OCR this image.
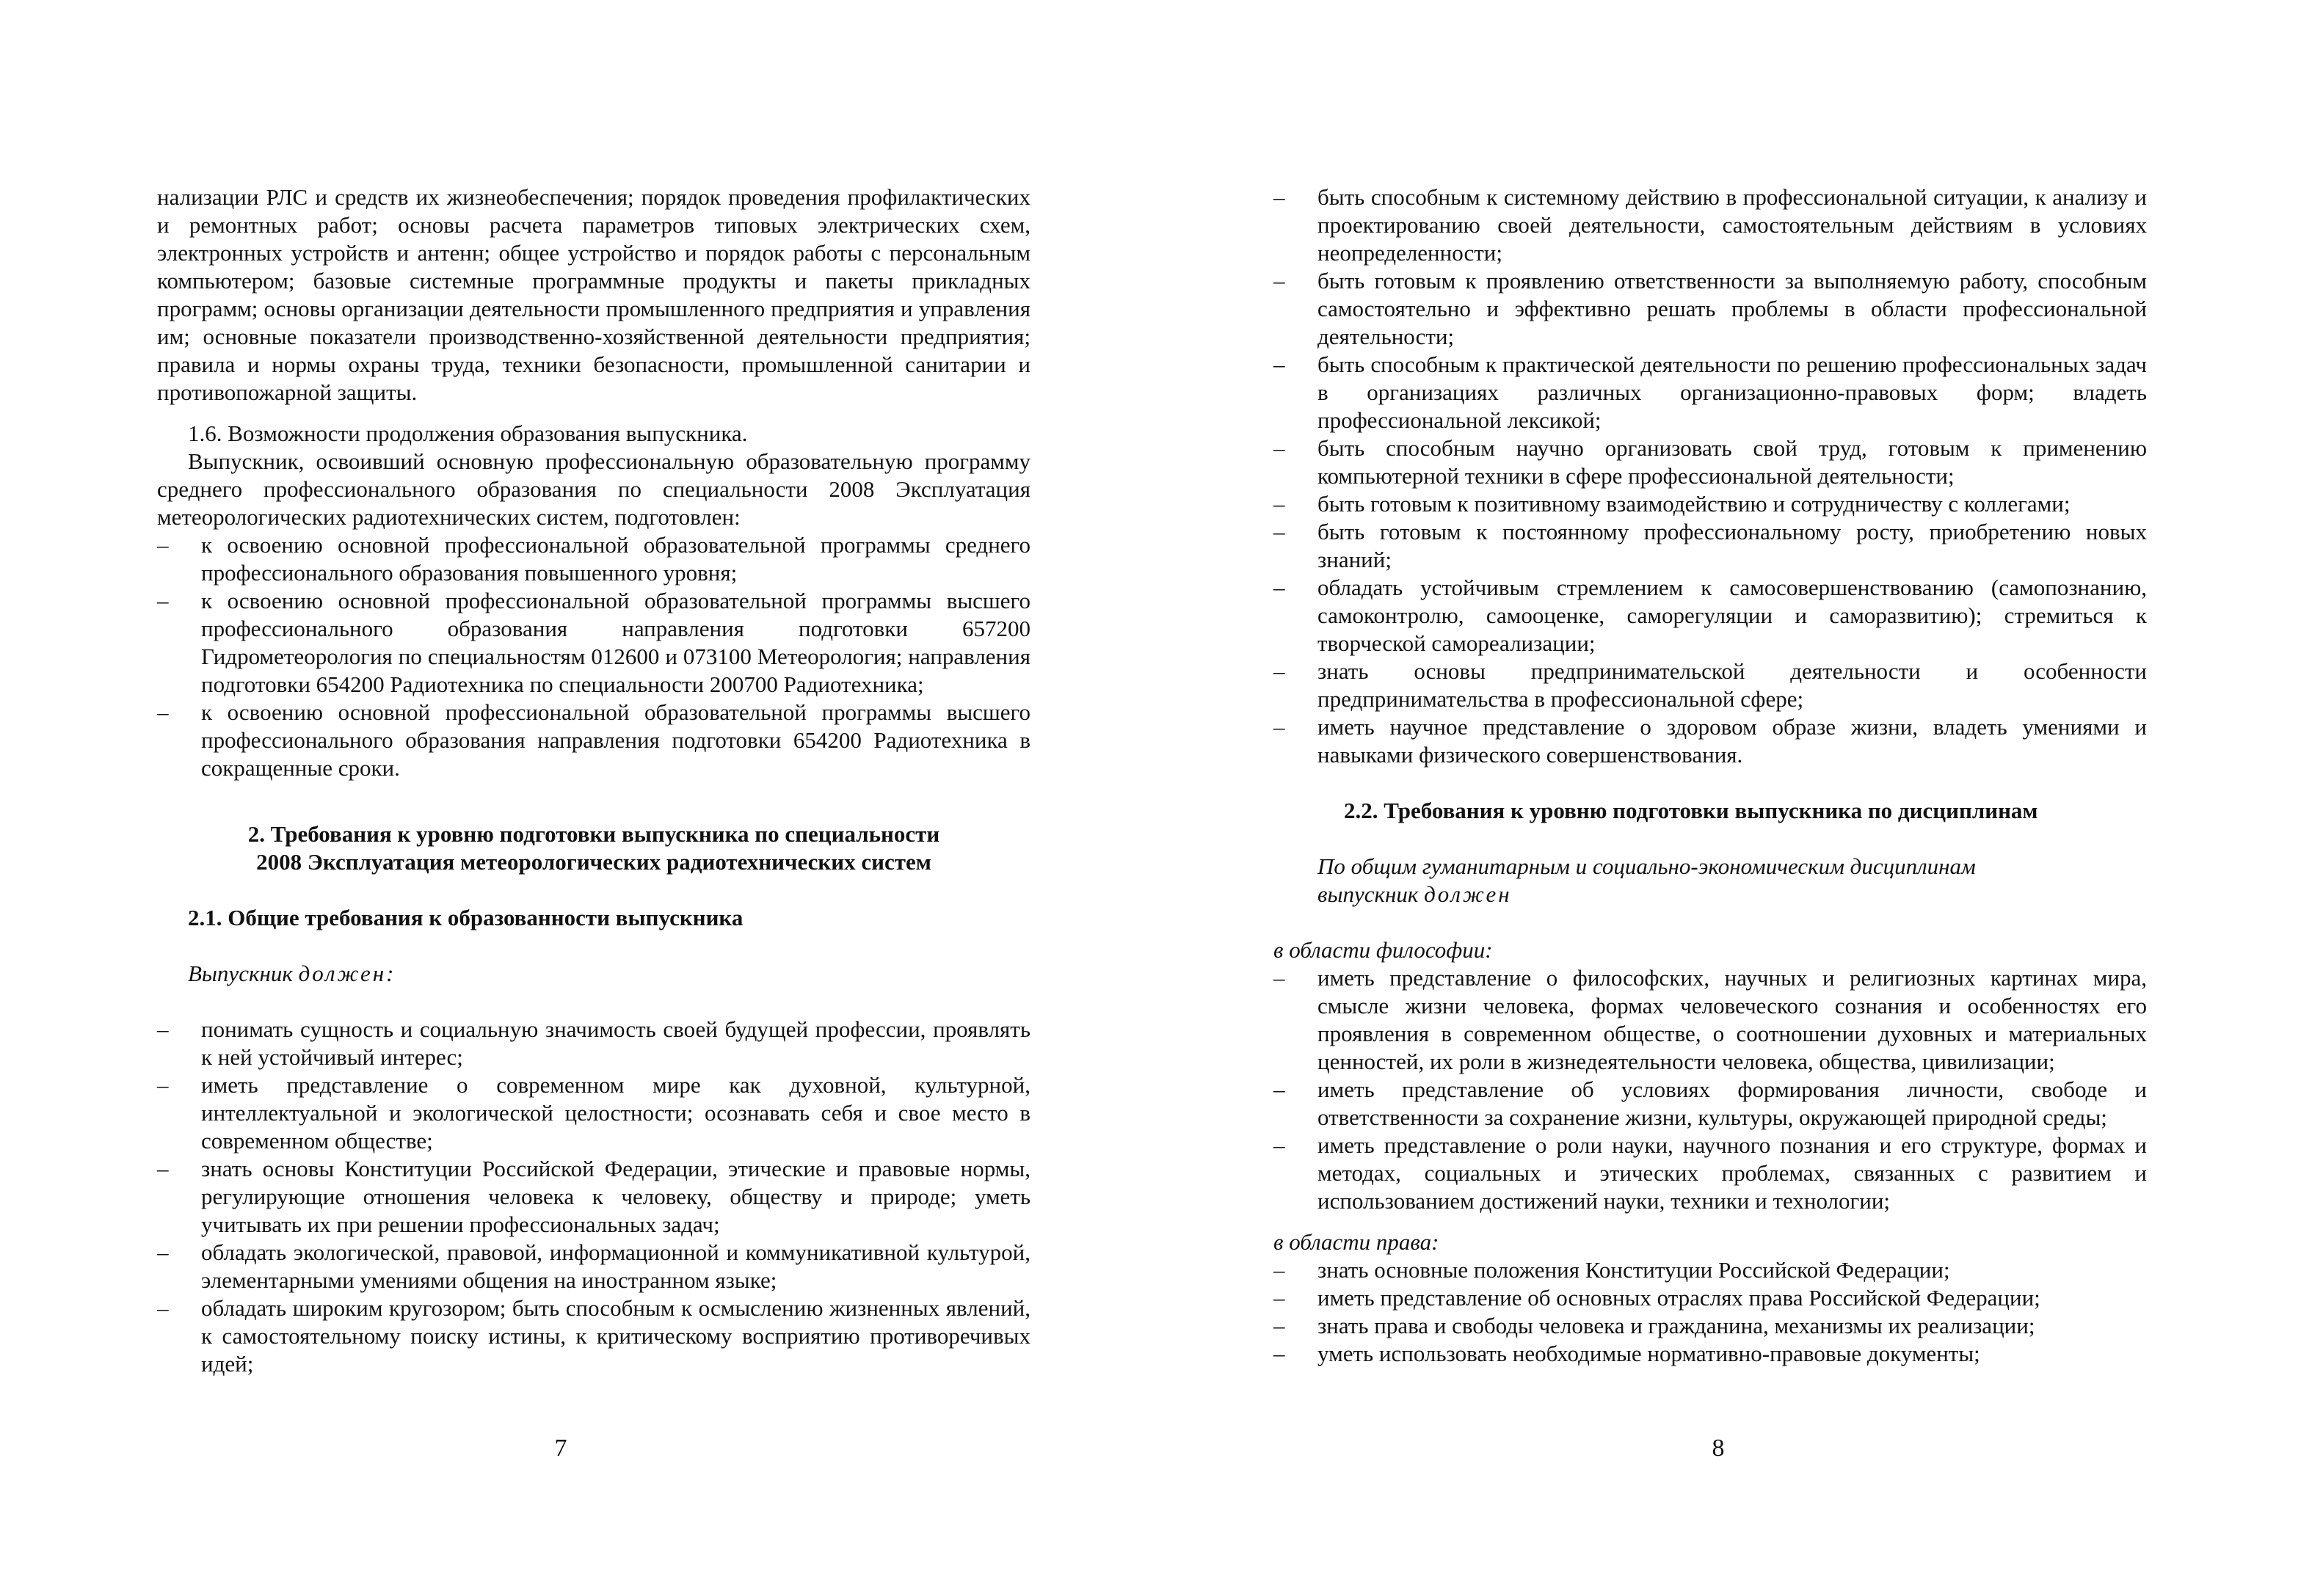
нализации РЛС и средств их жизнеобеспечения; порядок проведения профилактических и ремонтных работ; основы расчета параметров типовых электрических схем, электронных устройств и антенн; общее устройство и порядок работы с персональным компьютером; базовые системные программные продукты и пакеты прикладных программ; основы организации деятельности промышленного предприятия и управления им; основные показатели производственно-хозяйственной деятельности предприятия; правила и нормы охраны труда, техники безопасности, промышленной санитарии и противопожарной защиты.

1.6. Возможности продолжения образования выпускника.

Выпускник, освоивший основную профессиональную образовательную программу среднего профессионального образования по специальности 2008 Эксплуатация метеорологических радиотехнических систем, подготовлен:

–	к освоению основной профессиональной образовательной программы среднего профессионального образования повышенного уровня;
–	к освоению основной профессиональной образовательной программы высшего профессионального образования направления подготовки 657200 Гидрометеорология по специальностям 012600 и 073100 Метеорология; направления подготовки 654200 Радиотехника по специальности 200700 Радиотехника;
–	к освоению основной профессиональной образовательной программы высшего профессионального образования направления подготовки 654200 Радиотехника в сокращенные сроки.
2. Требования к уровню подготовки выпускника по специальности
2008 Эксплуатация метеорологических радиотехнических систем

2.1. Общие требования к образованности выпускника

Выпускник должен:

–	понимать сущность и социальную значимость своей будущей профессии, проявлять к ней устойчивый интерес;
–	иметь представление о современном мире как духовной, культурной, интеллектуальной и экологической целостности; осознавать себя и свое место в современном обществе;
–	знать основы Конституции Российской Федерации, этические и правовые нормы, регулирующие отношения человека к человеку, обществу и природе; уметь учитывать их при решении профессиональных задач;
–	обладать экологической, правовой, информационной и коммуникативной культурой, элементарными умениями общения на иностранном языке;
–	обладать широким кругозором; быть способным к осмыслению жизненных явлений, к самостоятельному поиску истины, к критическому восприятию противоречивых идей;
7
–	быть способным к системному действию в профессиональной ситуации, к анализу и проектированию своей деятельности, самостоятельным действиям в условиях неопределенности;
–	быть готовым к проявлению ответственности за выполняемую работу, способным самостоятельно и эффективно решать проблемы в области профессиональной деятельности;
–	быть способным к практической деятельности по решению профессиональных задач в организациях различных организационно-правовых форм; владеть профессиональной лексикой;
–	быть способным научно организовать свой труд, готовым к применению компьютерной техники в сфере профессиональной деятельности;
–	быть готовым к позитивному взаимодействию и сотрудничеству с коллегами;
–	быть готовым к постоянному профессиональному росту, приобретению новых знаний;
–	обладать устойчивым стремлением к самосовершенствованию (самопознанию, самоконтролю, самооценке, саморегуляции и саморазвитию); стремиться к творческой самореализации;
–	знать основы предпринимательской деятельности и особенности предпринимательства в профессиональной сфере;
–	иметь научное представление о здоровом образе жизни, владеть умениями и навыками физического совершенствования.

2.2. Требования к уровню подготовки выпускника по дисциплинам

По общим гуманитарным и социально-экономическим дисциплинам
выпускник должен

в области философии:

–	иметь представление о философских, научных и религиозных картинах мира, смысле жизни человека, формах человеческого сознания и особенностях его проявления в современном обществе, о соотношении духовных и материальных ценностей, их роли в жизнедеятельности человека, общества, цивилизации;
–	иметь представление об условиях формирования личности, свободе и ответственности за сохранение жизни, культуры, окружающей природной среды;
–	иметь представление о роли науки, научного познания и его структуре, формах и методах, социальных и этических проблемах, связанных с развитием и использованием достижений науки, техники и технологии;

в области права:

–	знать основные положения Конституции Российской Федерации;
–	иметь представление об основных отраслях права Российской Федерации;
–	знать права и свободы человека и гражданина, механизмы их реализации;
–	уметь использовать необходимые нормативно-правовые документы;
8
